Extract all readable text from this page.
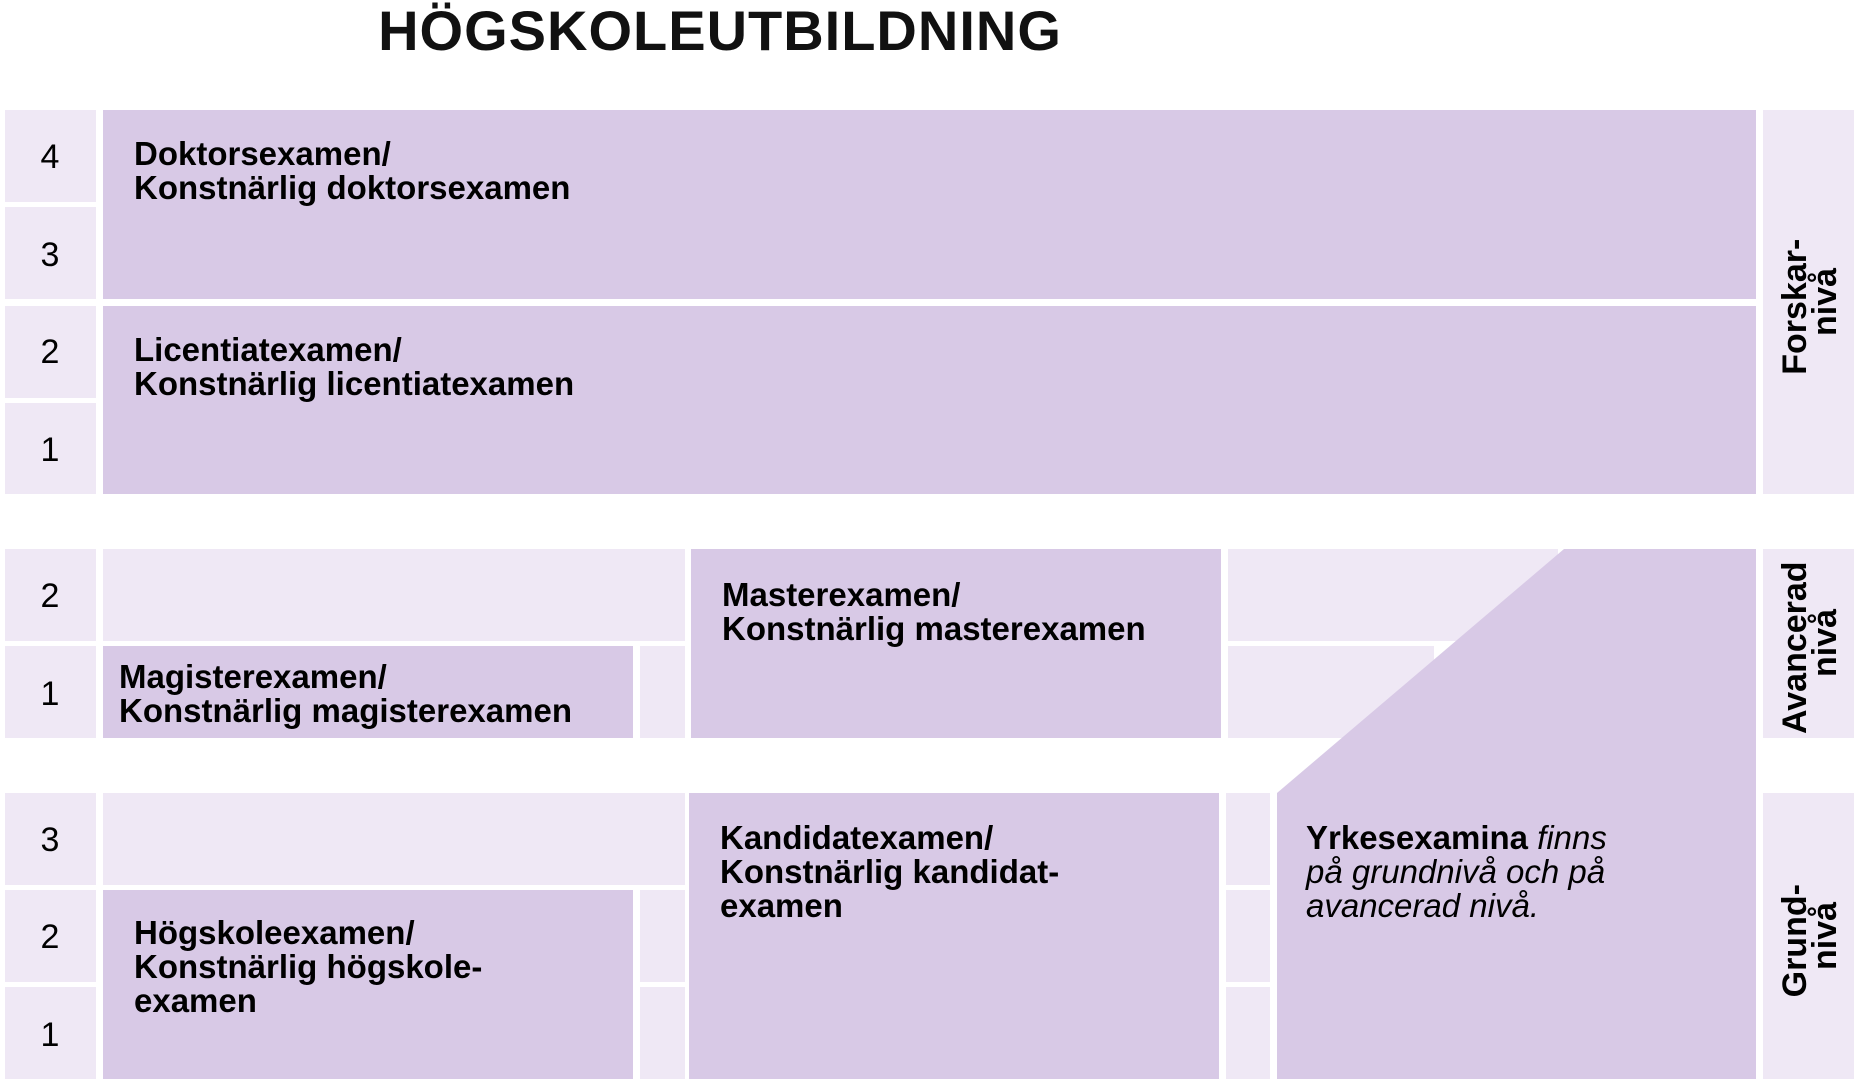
HÖGSKOLEUTBILDNING
4
3
2
1
Doktorsexamen/ Konstnärlig doktorsexamen
Licentiatexamen/ Konstnärlig licentiatexamen
Forskar- nivå
2
1 Magisterexamen/ Konstnärlig magisterexamen
Masterexamen/ Konstnärlig masterexamen	Avancerad nivå
3
2
1
Högskoleexamen/ Konstnärlig högskole- examen
Kandidatexamen/ Konstnärlig kandidat- examen	Grund- nivå
Yrkesexamina finns på grundnivå och på avancerad nivå.
